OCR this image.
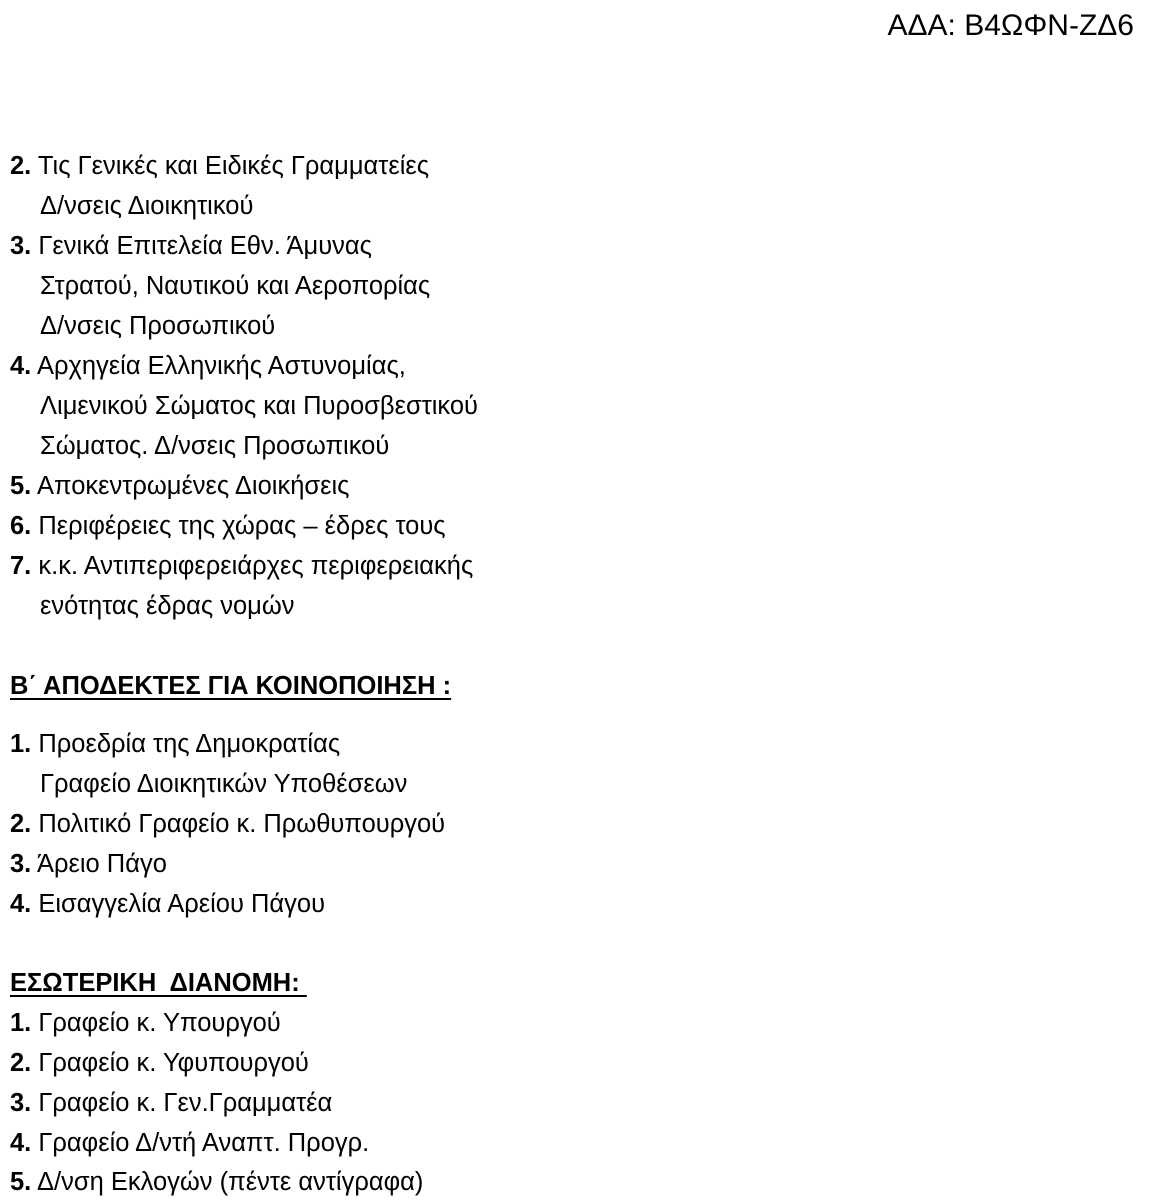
ΑΔΑ: Β4ΩΦΝ-ΖΔ6
2. Τις Γενικές και Ειδικές Γραμματείες
Δ/νσεις Διοικητικού
3. Γενικά Επιτελεία Εθν. Άμυνας
Στρατού, Ναυτικού και Αεροπορίας
Δ/νσεις Προσωπικού
4. Αρχηγεία Ελληνικής Αστυνομίας,
Λιμενικού Σώματος και Πυροσβεστικού
Σώματος. Δ/νσεις Προσωπικού
5. Αποκεντρωμένες Διοικήσεις
6. Περιφέρειες της χώρας – έδρες τους
7. κ.κ. Αντιπεριφερειάρχες περιφερειακής
ενότητας έδρας νομών
Β΄ ΑΠΟΔΕΚΤΕΣ ΓΙΑ ΚΟΙΝΟΠΟΙΗΣΗ :
1. Προεδρία της Δημοκρατίας
Γραφείο Διοικητικών Υποθέσεων
2. Πολιτικό Γραφείο κ. Πρωθυπουργού
3. Άρειο Πάγο
4. Εισαγγελία Αρείου Πάγου
ΕΣΩΤΕΡΙΚΗ  ΔΙΑΝΟΜΗ:
1. Γραφείο κ. Υπουργού
2. Γραφείο κ. Υφυπουργού
3. Γραφείο κ. Γεν.Γραμματέα
4. Γραφείο Δ/ντή Αναπτ. Προγρ.
5. Δ/νση Εκλογών (πέντε αντίγραφα)
